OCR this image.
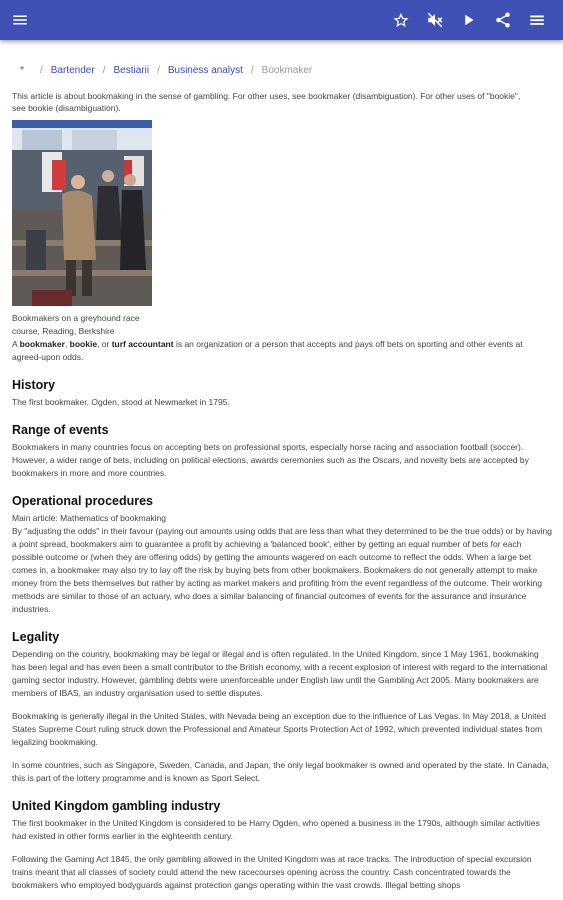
*	/ Bartender / Bestiarii / Business analyst / Bookmaker
This article is about bookmaking in the sense of gambling. For other uses, see bookmaker (disambiguation). For other uses of "bookie", see bookie (disambiguation).
Bookmakers on a greyhound race course, Reading, Berkshire

A bookmaker, bookie, or turf accountant is an organization or a person that accepts and pays off bets on sporting and other events at agreed-upon odds.

History

The first bookmaker, Ogden, stood at Newmarket in 1795.

Range of events

Bookmakers in many countries focus on accepting bets on professional sports, especially horse racing and association football (soccer). However, a wider range of bets, including on political elections, awards ceremonies such as the Oscars, and novelty bets are accepted by bookmakers in more and more countries.

Operational procedures

Main article: Mathematics of bookmaking

By "adjusting the odds" in their favour (paying out amounts using odds that are less than what they determined to be the true odds) or by having a point spread, bookmakers aim to guarantee a profit by achieving a 'balanced book', either by getting an equal number of bets for each possible outcome or (when they are offering odds) by getting the amounts wagered on each outcome to reflect the odds. When a large bet comes in, a bookmaker may also try to lay off the risk by buying bets from other bookmakers. Bookmakers do not generally attempt to make money from the bets themselves but rather by acting as market makers and profiting from the event regardless of the outcome. Their working methods are similar to those of an actuary, who does a similar balancing of financial outcomes of events for the assurance and insurance industries.

Legality

Depending on the country, bookmaking may be legal or illegal and is often regulated. In the United Kingdom, since 1 May 1961, bookmaking has been legal and has even been a small contributor to the British economy, with a recent explosion of interest with regard to the international gaming sector industry. However, gambling debts were unenforceable under English law until the Gambling Act 2005. Many bookmakers are members of IBAS, an industry organisation used to settle disputes.

Bookmaking is generally illegal in the United States, with Nevada being an exception due to the influence of Las Vegas. In May 2018, a United States Supreme Court ruling struck down the Professional and Amateur Sports Protection Act of 1992, which prevented individual states from legalizing bookmaking.

In some countries, such as Singapore, Sweden, Canada, and Japan, the only legal bookmaker is owned and operated by the state. In Canada, this is part of the lottery programme and is known as Sport Select.

United Kingdom gambling industry

The first bookmaker in the United Kingdom is considered to be Harry Ogden, who opened a business in the 1790s, although similar activities had existed in other forms earlier in the eighteenth century.

Following the Gaming Act 1845, the only gambling allowed in the United Kingdom was at race tracks. The introduction of special excursion trains meant that all classes of society could attend the new racecourses opening across the country. Cash concentrated towards the bookmakers who employed bodyguards against protection gangs operating within the vast crowds. Illegal betting shops
